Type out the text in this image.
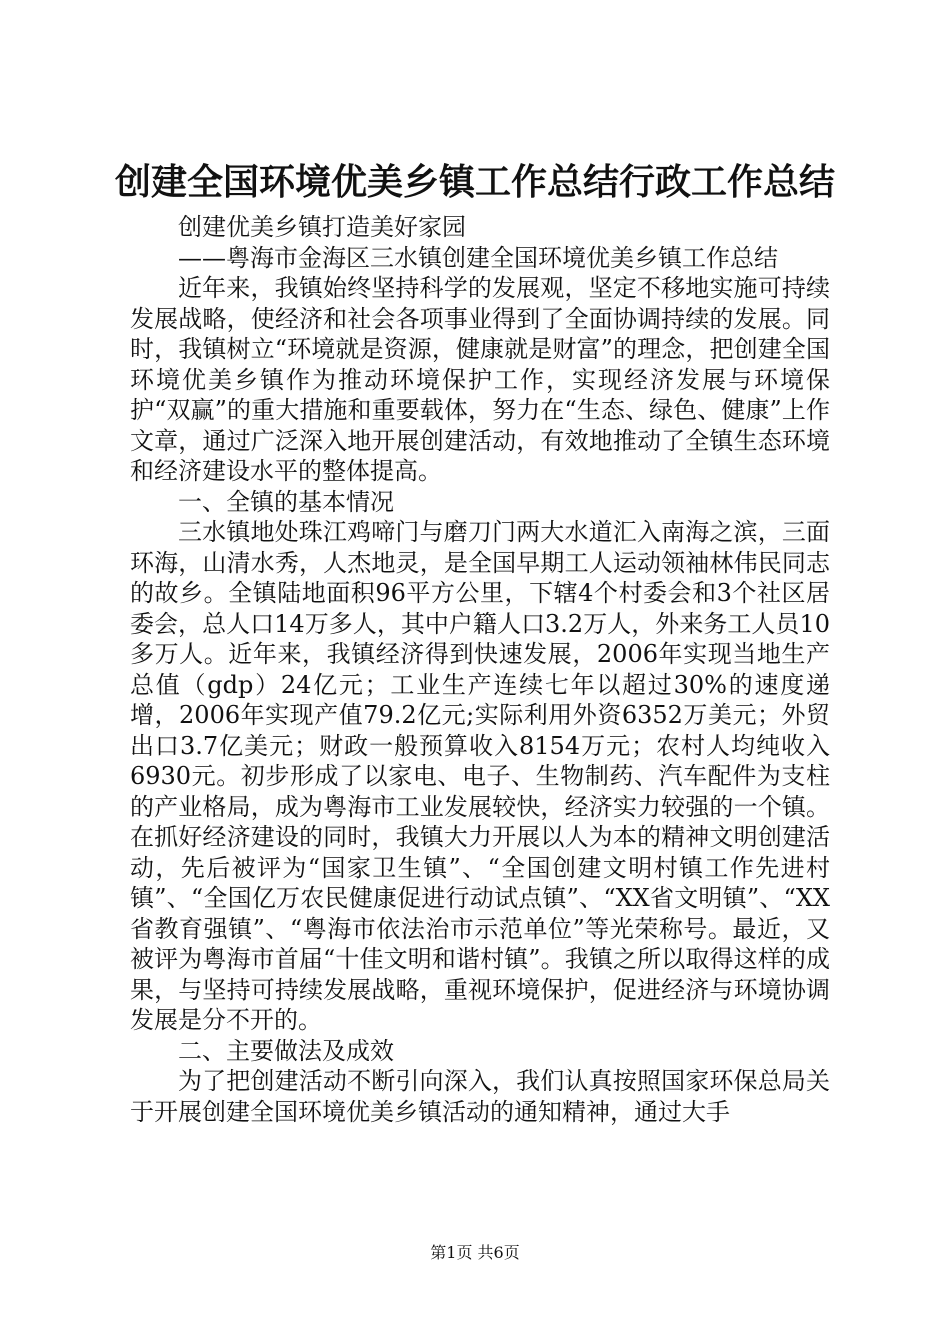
创建全国环境优美乡镇工作总结行政工作总结

创建优美乡镇打造美好家园

——粤海市金海区三水镇创建全国环境优美乡镇工作总结

近年来，我镇始终坚持科学的发展观，坚定不移地实施可持续发展战略，使经济和社会各项事业得到了全面协调持续的发展。同时，我镇树立“环境就是资源，健康就是财富”的理念，把创建全国环境优美乡镇作为推动环境保护工作，实现经济发展与环境保护“双赢”的重大措施和重要载体，努力在“生态、绿色、健康”上作文章，通过广泛深入地开展创建活动，有效地推动了全镇生态环境和经济建设水平的整体提高。

一、全镇的基本情况

三水镇地处珠江鸡啼门与磨刀门两大水道汇入南海之滨，三面环海，山清水秀，人杰地灵，是全国早期工人运动领袖林伟民同志的故乡。全镇陆地面积96平方公里，下辖4个村委会和3个社区居委会，总人口14万多人，其中户籍人口3.2万人，外来务工人员10多万人。近年来，我镇经济得到快速发展，2006年实现当地生产总值（gdp）24亿元；工业生产连续七年以超过30%的速度递增，2006年实现产值79.2亿元;实际利用外资6352万美元；外贸出口3.7亿美元；财政一般预算收入8154万元；农村人均纯收入6930元。初步形成了以家电、电子、生物制药、汽车配件为支柱的产业格局，成为粤海市工业发展较快，经济实力较强的一个镇。在抓好经济建设的同时，我镇大力开展以人为本的精神文明创建活动，先后被评为“国家卫生镇”、“全国创建文明村镇工作先进村镇”、“全国亿万农民健康促进行动试点镇”、“XX省文明镇”、“XX省教育强镇”、“粤海市依法治市示范单位”等光荣称号。最近，又被评为粤海市首届“十佳文明和谐村镇”。我镇之所以取得这样的成果，与坚持可持续发展战略，重视环境保护，促进经济与环境协调发展是分不开的。

二、主要做法及成效

为了把创建活动不断引向深入，我们认真按照国家环保总局关于开展创建全国环境优美乡镇活动的通知精神，通过大手

第1页 共6页
